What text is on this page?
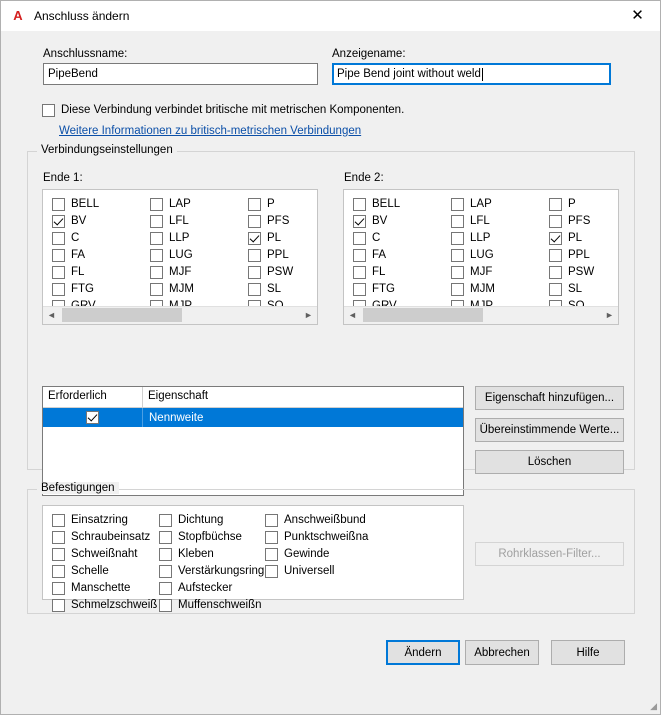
A Anschluss ändern	✕
Anschlussname:
PipeBend
Anzeigename:
Pipe Bend joint without weld
Diese Verbindung verbindet britische mit metrischen Komponenten.
Weitere Informationen zu britisch-metrischen Verbindungen
Verbindungseinstellungen
Ende 1:
BELL
BV
C
FA
FL
FTG
LAP
LFL
LLP
LUG
MJF
MJM
P
PFS
PL
PPL
PSW
SL
◄	►
Ende 2:
BELL
BV
C
FA
FL
FTG
LAP
LFL
LLP
LUG
MJF
MJM
P
PFS
PL
PPL
PSW
SL
◄	►
Erforderlich	Eigenschaft
Nennweite
Eigenschaft hinzufügen...
Übereinstimmende Werte...
Löschen
Befestigungen
Einsatzring
Schraubeinsatz
Schweißnaht
Schelle
Manschette
Schmelzschweiß
Dichtung
Stopfbüchse
Kleben
Verstärkungsring
Aufstecker
Muffenschweißn
Anschweißbund
Punktschweißna
Gewinde
Universell
Rohrklassen-Filter...
Ändern	Abbrechen	Hilfe
◢
